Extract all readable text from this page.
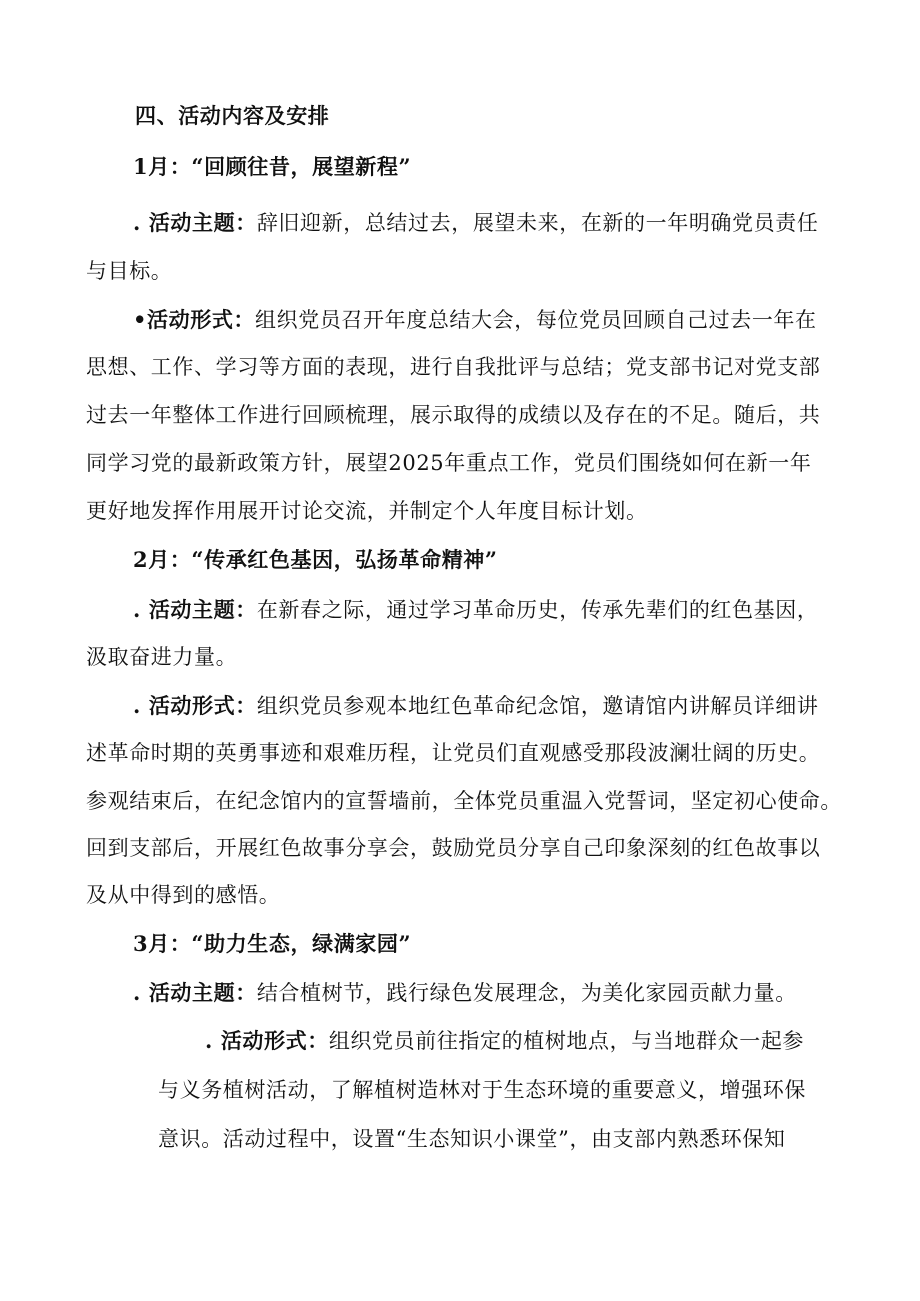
四、活动内容及安排
1月：“回顾往昔，展望新程”
. 活动主题：辞旧迎新，总结过去，展望未来，在新的一年明确党员责任
与目标。
•活动形式：组织党员召开年度总结大会，每位党员回顾自己过去一年在
思想、工作、学习等方面的表现，进行自我批评与总结；党支部书记对党支部
过去一年整体工作进行回顾梳理，展示取得的成绩以及存在的不足。随后，共
同学习党的最新政策方针，展望2025年重点工作，党员们围绕如何在新一年
更好地发挥作用展开讨论交流，并制定个人年度目标计划。
2月：“传承红色基因，弘扬革命精神”
. 活动主题：在新春之际，通过学习革命历史，传承先辈们的红色基因，
汲取奋进力量。
. 活动形式：组织党员参观本地红色革命纪念馆，邀请馆内讲解员详细讲
述革命时期的英勇事迹和艰难历程，让党员们直观感受那段波澜壮阔的历史。
参观结束后，在纪念馆内的宣誓墙前，全体党员重温入党誓词，坚定初心使命。
回到支部后，开展红色故事分享会，鼓励党员分享自己印象深刻的红色故事以
及从中得到的感悟。
3月：“助力生态，绿满家园”
. 活动主题：结合植树节，践行绿色发展理念，为美化家园贡献力量。
. 活动形式：组织党员前往指定的植树地点，与当地群众一起参
与义务植树活动，了解植树造林对于生态环境的重要意义，增强环保
意识。活动过程中，设置“生态知识小课堂”，由支部内熟悉环保知
